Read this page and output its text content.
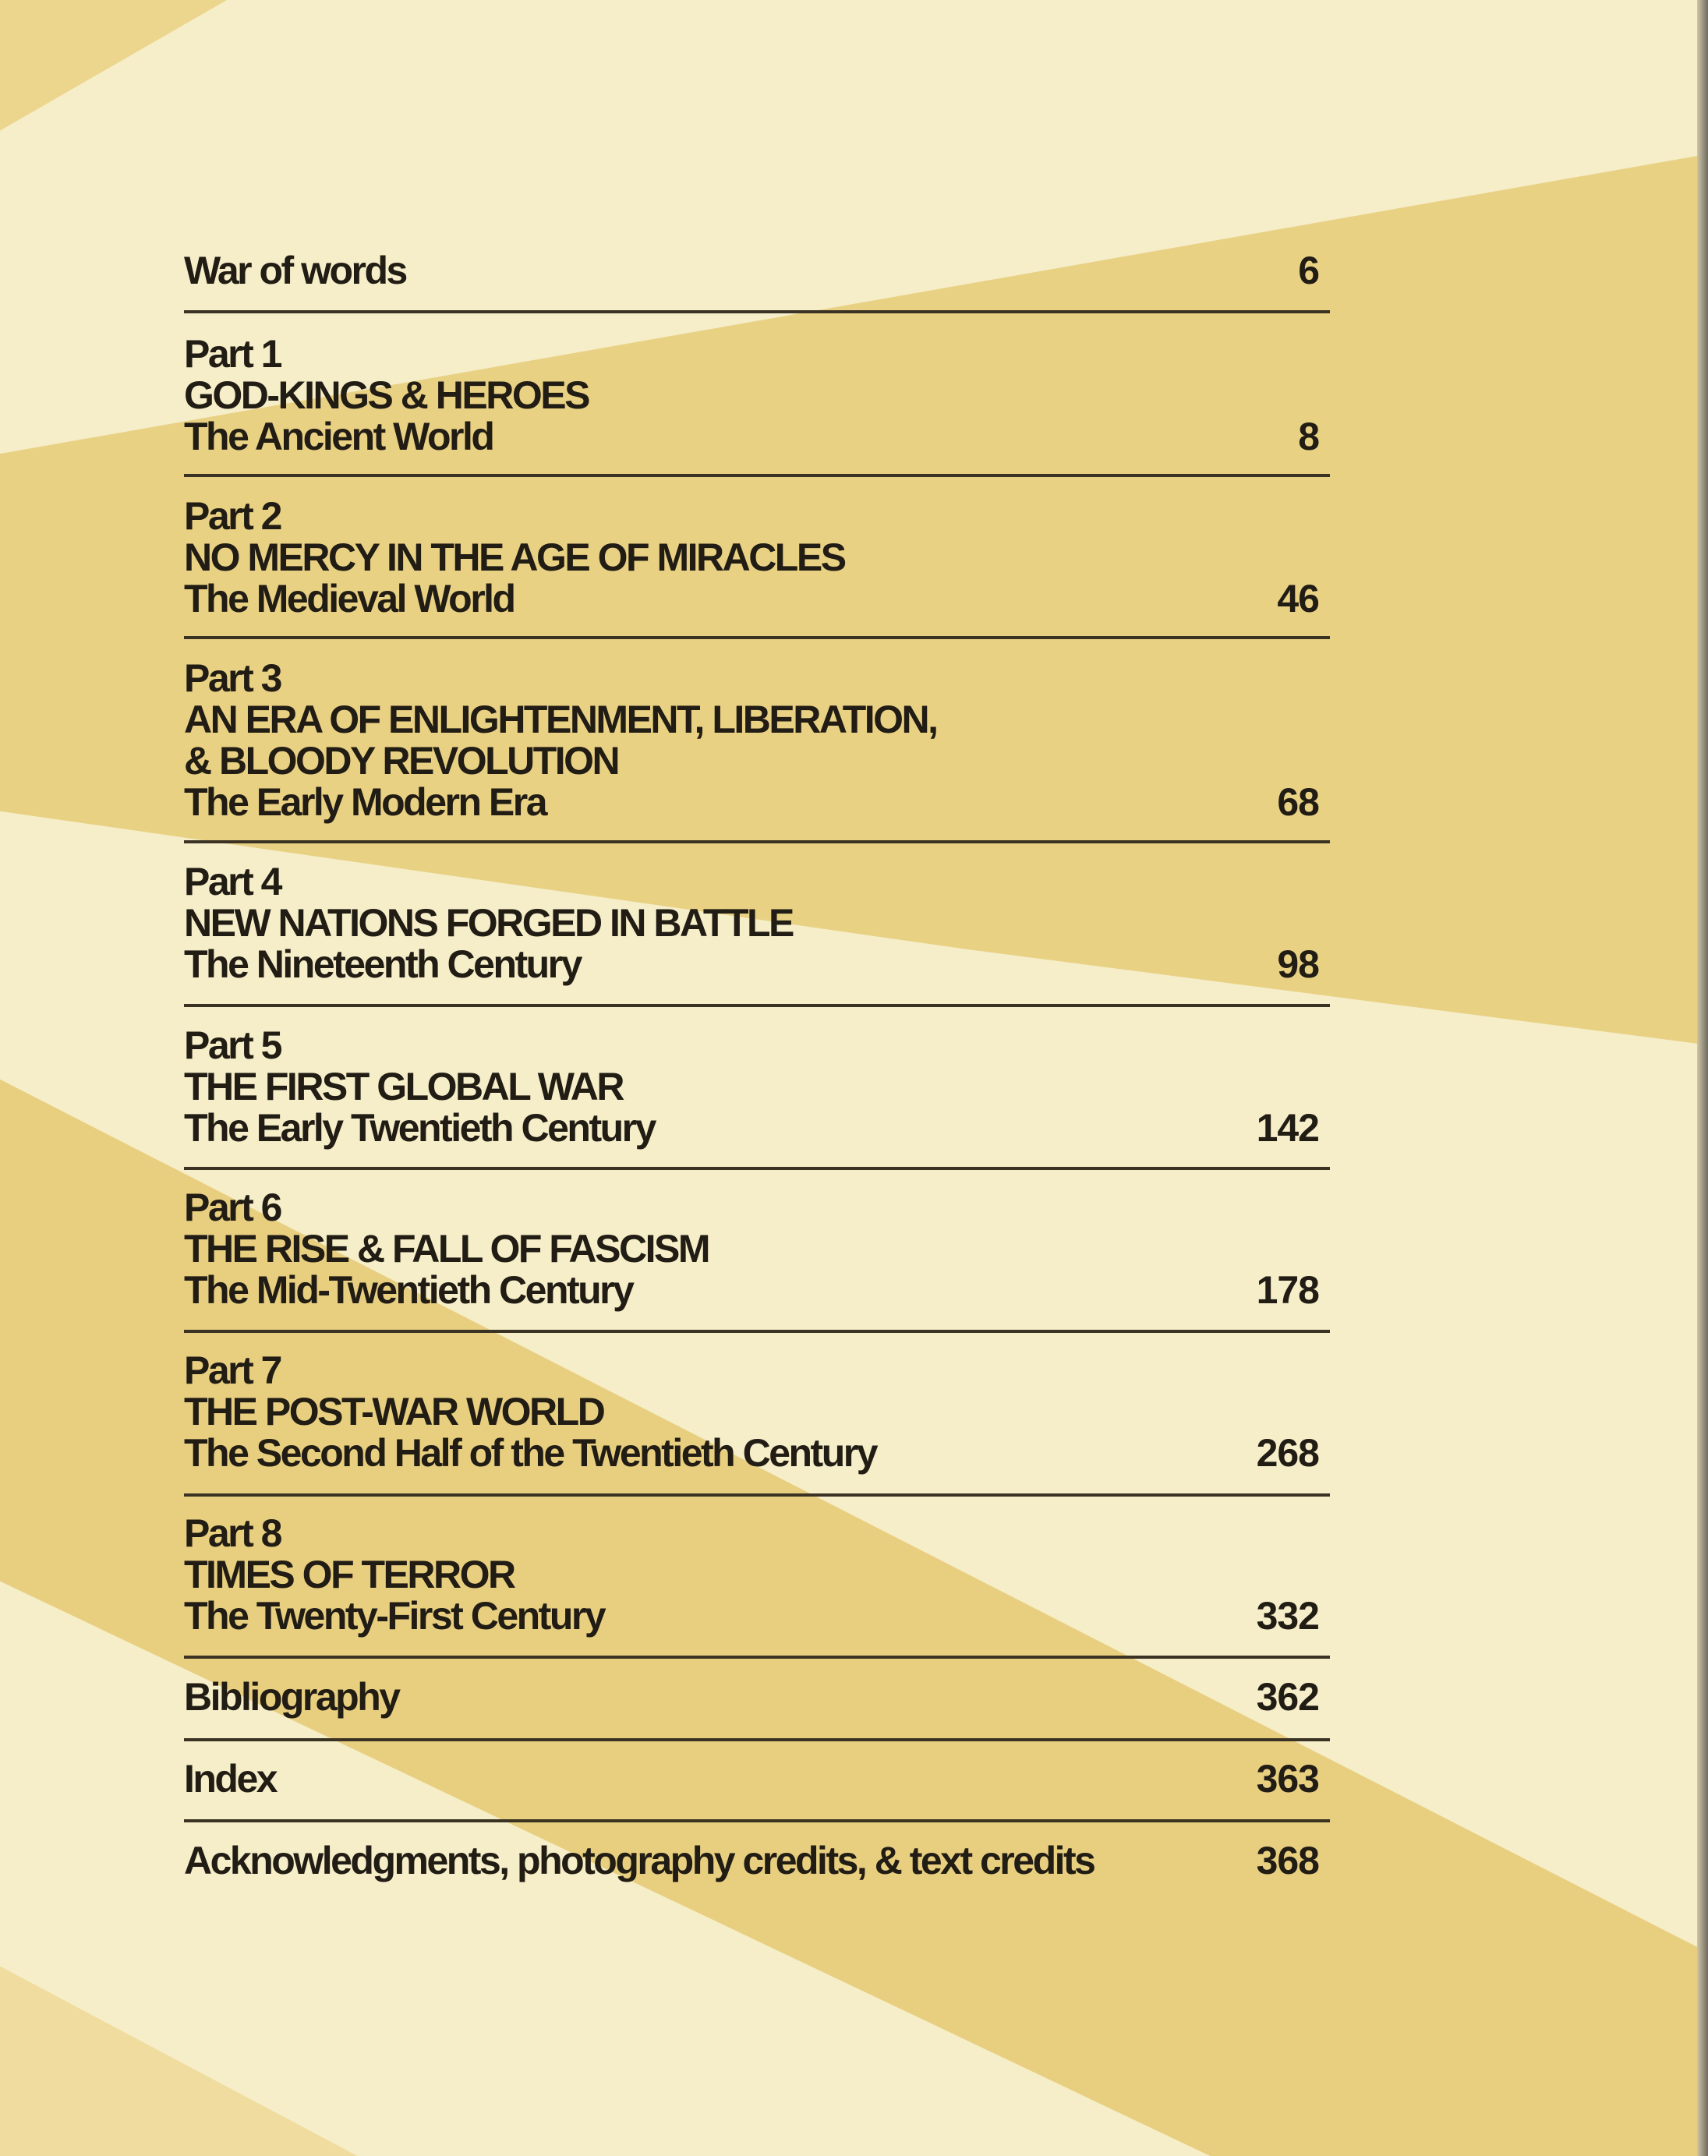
War of words	6
Part 1
GOD-KINGS & HEROES
The Ancient World	8
Part 2
NO MERCY IN THE AGE OF MIRACLES
The Medieval World	46
Part 3
AN ERA OF ENLIGHTENMENT, LIBERATION,
& BLOODY REVOLUTION
The Early Modern Era	68
Part 4
NEW NATIONS FORGED IN BATTLE
The Nineteenth Century	98
Part 5
THE FIRST GLOBAL WAR
The Early Twentieth Century	142
Part 6
THE RISE & FALL OF FASCISM
The Mid-Twentieth Century	178
Part 7
THE POST-WAR WORLD
The Second Half of the Twentieth Century	268
Part 8
TIMES OF TERROR
The Twenty-First Century	332
Bibliography	362
Index	363
Acknowledgments, photography credits, & text credits	368
